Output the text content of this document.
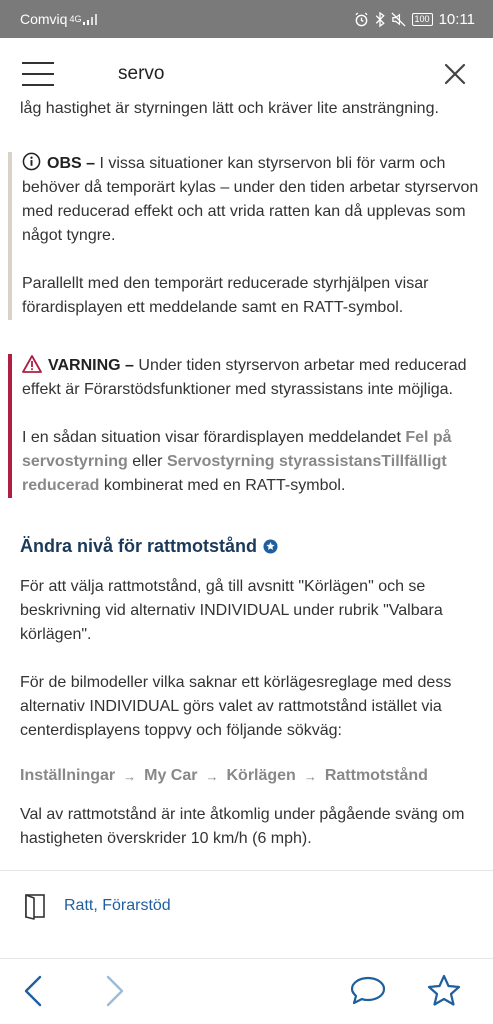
Comviq 4G	100 10:11
servo
låg hastighet är styrningen lätt och kräver lite ansträngning.

OBS – I vissa situationer kan styrservon bli för varm och behöver då temporärt kylas – under den tiden arbetar styrservon med reducerad effekt och att vrida ratten kan då upplevas som något tyngre.

Parallellt med den temporärt reducerade styrhjälpen visar förardisplayen ett meddelande samt en RATT-symbol.

VARNING – Under tiden styrservon arbetar med reducerad effekt är Förarstödsfunktioner med styrassistans inte möjliga.

I en sådan situation visar förardisplayen meddelandet Fel på servostyrning eller Servostyrning styrassistansTillfälligt reducerad kombinerat med en RATT-symbol.

Ändra nivå för rattmotstånd

För att välja rattmotstånd, gå till avsnitt "Körlägen" och se beskrivning vid alternativ INDIVIDUAL under rubrik "Valbara körlägen".

För de bilmodeller vilka saknar ett körlägesreglage med dess alternativ INDIVIDUAL görs valet av rattmotstånd istället via centerdisplayens toppvy och följande sökväg:

Inställningar → My Car → Körlägen → Rattmotstånd

Val av rattmotstånd är inte åtkomlig under pågående sväng om hastigheten överskrider 10 km/h (6 mph).

Ratt, Förarstöd
